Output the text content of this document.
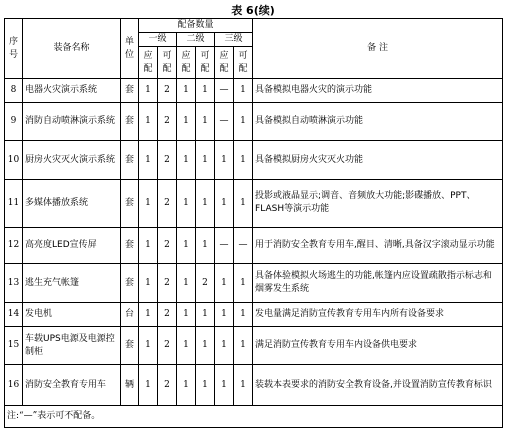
表 6(续)
序号	装备名称	单位	配备数量						备 注
			一级		二级		三级		
			应配	可配	应配	可配	应配	可配	
8	电器火灾演示系统	套	1	2	1	1	—	1	具备模拟电器火灾的演示功能
9	消防自动喷淋演示系统	套	1	2	1	1	—	1	具备模拟自动喷淋演示功能
10	厨房火灾灭火演示系统	套	1	2	1	1	1	1	具备模拟厨房火灾灭火功能
11	多媒体播放系统	套	1	2	1	1	1	1	投影或液晶显示;调音、音频放大功能;影碟播放、PPT、FLASH等演示功能
12	高亮度LED宣传屏	套	1	2	1	1	—	—	用于消防安全教育专用车,醒目、清晰,具备汉字滚动显示功能
13	逃生充气帐篷	套	1	2	1	2	1	1	具备体验模拟火场逃生的功能,帐篷内应设置疏散指示标志和烟雾发生系统
14	发电机	台	1	2	1	1	1	1	发电量满足消防宣传教育专用车内所有设备要求
15	车载UPS电源及电源控制柜	套	1	2	1	1	1	1	满足消防宣传教育专用车内设备供电要求
16	消防安全教育专用车	辆	1	2	1	1	1	1	装载本表要求的消防安全教育设备,并设置消防宣传教育标识
注:“—”表示可不配备。									
